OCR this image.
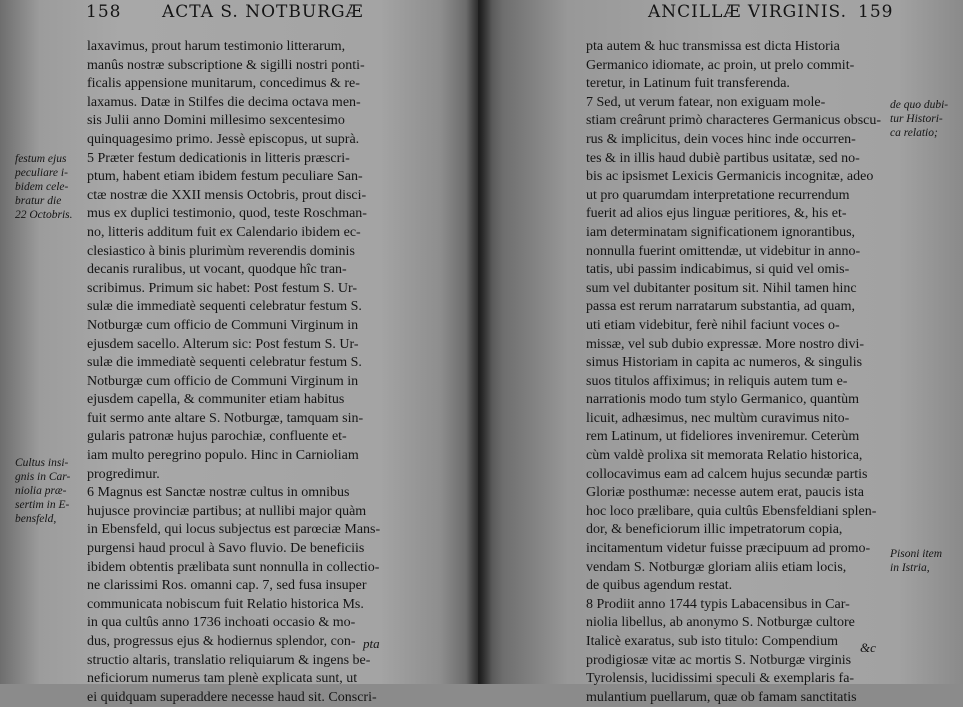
158 ACTA S. NOTBURGÆ
laxavimus, prout harum testimonio litterarum,
manûs nostræ subscriptione & sigilli nostri ponti-
ficalis appensione munitarum, concedimus & re-
laxamus. Datæ in Stilfes die decima octava men-
sis Julii anno Domini millesimo sexcentesimo
quinquagesimo primo. Jessè episcopus, ut suprà.
5 Præter festum dedicationis in litteris præscri-
ptum, habent etiam ibidem festum peculiare San-
ctæ nostræ die XXII mensis Octobris, prout disci-
mus ex duplici testimonio, quod, teste Roschman-
no, litteris additum fuit ex Calendario ibidem ec-
clesiastico à binis plurimùm reverendis dominis
decanis ruralibus, ut vocant, quodque hîc tran-
scribimus. Primum sic habet: Post festum S. Ur-
sulæ die immediatè sequenti celebratur festum S.
Notburgæ cum officio de Communi Virginum in
ejusdem sacello. Alterum sic: Post festum S. Ur-
sulæ die immediatè sequenti celebratur festum S.
Notburgæ cum officio de Communi Virginum in
ejusdem capella, & communiter etiam habitus
fuit sermo ante altare S. Notburgæ, tamquam sin-
gularis patronæ hujus parochiæ, confluente et-
iam multo peregrino populo. Hinc in Carnioliam
progredimur.
6 Magnus est Sanctæ nostræ cultus in omnibus
hujusce provinciæ partibus; at nullibi major quàm
in Ebensfeld, qui locus subjectus est parœciæ Mans-
purgensi haud procul à Savo fluvio. De beneficiis
ibidem obtentis prælibata sunt nonnulla in collectio-
ne clarissimi Ros. omanni cap. 7, sed fusa insuper
communicata nobiscum fuit Relatio historica Ms.
in qua cultûs anno 1736 inchoati occasio & mo-
dus, progressus ejus & hodiernus splendor, con-
structio altaris, translatio reliquiarum & ingens be-
neficiorum numerus tam plenè explicata sunt, ut
ei quidquam superaddere necesse haud sit. Conscri-
pta
festum ejus
peculiare i-
bidem cele-
bratur die
22 Octobris.
Cultus insi-
gnis in Car-
niolia præ-
sertim in E-
bensfeld,
ANCILLÆ VIRGINIS. 159
pta autem & huc transmissa est dicta Historia
Germanico idiomate, ac proin, ut prelo commit-
teretur, in Latinum fuit transferenda.
7 Sed, ut verum fatear, non exiguam mole-
stiam creârunt primò characteres Germanicus obscu-
rus & implicitus, dein voces hinc inde occurren-
tes & in illis haud dubiè partibus usitatæ, sed no-
bis ac ipsismet Lexicis Germanicis incognitæ, adeo
ut pro quarumdam interpretatione recurrendum
fuerit ad alios ejus linguæ peritiores, &, his et-
iam determinatam significationem ignorantibus,
nonnulla fuerint omittendæ, ut videbitur in anno-
tatis, ubi passim indicabimus, si quid vel omis-
sum vel dubitanter positum sit. Nihil tamen hinc
passa est rerum narratarum substantia, ad quam,
uti etiam videbitur, ferè nihil faciunt voces o-
missæ, vel sub dubio expressæ. More nostro divi-
simus Historiam in capita ac numeros, & singulis
suos titulos affiximus; in reliquis autem tum e-
narrationis modo tum stylo Germanico, quantùm
licuit, adhæsimus, nec multùm curavimus nito-
rem Latinum, ut fideliores inveniremur. Ceterùm
cùm valdè prolixa sit memorata Relatio historica,
collocavimus eam ad calcem hujus secundæ partis
Gloriæ posthumæ: necesse autem erat, paucis ista
hoc loco prælibare, quia cultûs Ebensfeldiani splen-
dor, & beneficiorum illic impetratorum copia,
incitamentum videtur fuisse præcipuum ad promo-
vendam S. Notburgæ gloriam aliis etiam locis,
de quibus agendum restat.
8 Prodiit anno 1744 typis Labacensibus in Car-
niolia libellus, ab anonymo S. Notburgæ cultore
Italicè exaratus, sub isto titulo: Compendium
prodigiosæ vitæ ac mortis S. Notburgæ virginis
Tyrolensis, lucidissimi speculi & exemplaris fa-
mulantium puellarum, quæ ob famam sanctitatis
&c
de quo dubi-
tur Histori-
ca relatio;
Pisoni item
in Istria,
